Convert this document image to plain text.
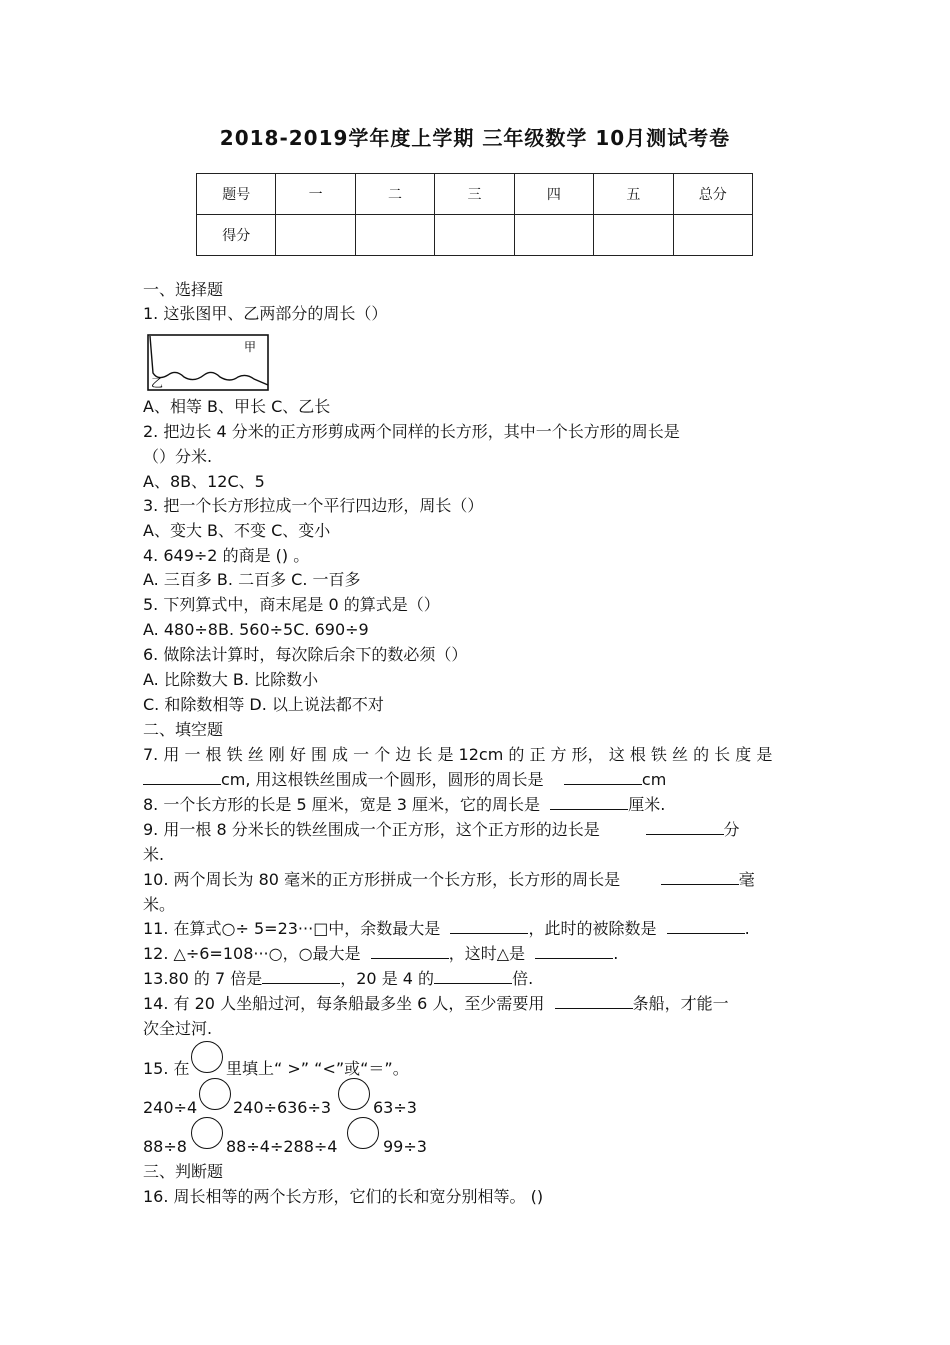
2018-2019学年度上学期 三年级数学 10月测试考卷
题号	一	二	三	四	五	总分
得分						
一、选择题
1. 这张图甲、乙两部分的周长（）
甲
乙
A、相等 B、甲长 C、乙长
2. 把边长 4 分米的正方形剪成两个同样的长方形，其中一个长方形的周长是
（）分米.
A、8B、12C、5
3. 把一个长方形拉成一个平行四边形，周长（）
A、变大 B、不变 C、变小
4. 649÷2 的商是 () 。
A. 三百多 B. 二百多 C. 一百多
5. 下列算式中，商末尾是 0 的算式是（）
A. 480÷8B. 560÷5C. 690÷9
6. 做除法计算时，每次除后余下的数必须（）
A. 比除数大 B. 比除数小
C. 和除数相等 D. 以上说法都不对
二、填空题
7. 用 一 根 铁 丝 刚 好 围 成 一 个 边 长 是 12cm 的 正 方 形， 这 根 铁 丝 的 长 度 是
cm, 用这根铁丝围成一个圆形，圆形的周长是	cm
8. 一个长方形的长是 5 厘米，宽是 3 厘米，它的周长是	厘米.
9. 用一根 8 分米长的铁丝围成一个正方形，这个正方形的边长是	分
米.
10. 两个周长为 80 毫米的正方形拼成一个长方形，长方形的周长是	毫
米。
11. 在算式○÷ 5=23···□中，余数最大是	，此时的被除数是	.
12. △÷6=108···○，○最大是	，这时△是	.
13.80 的 7 倍是	，20 是 4 的	倍.
14. 有 20 人坐船过河，每条船最多坐 6 人，至少需要用	条船，才能一
次全过河.
15. 在 里填上“ >” “<”或“＝”。
240÷4 240÷636÷3	63÷3
88÷8 88÷4÷288÷4	99÷3
三、判断题
16. 周长相等的两个长方形，它们的长和宽分别相等。 ()
